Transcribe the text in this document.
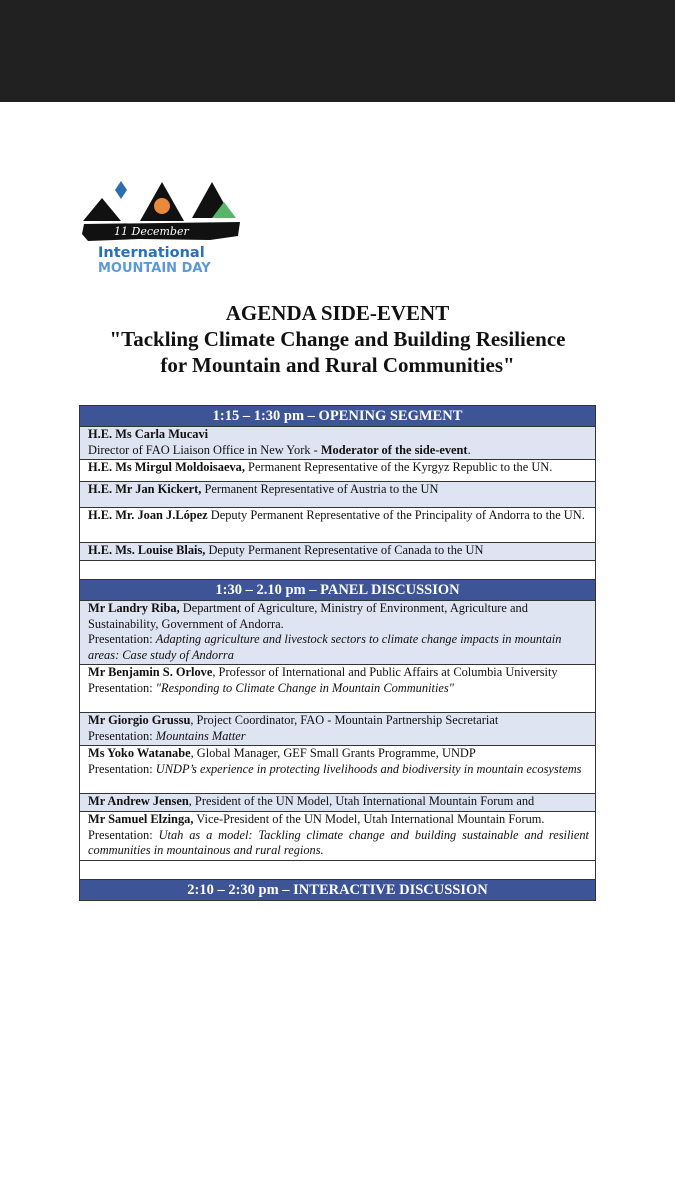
11 December
International
MOUNTAIN DAY
AGENDA SIDE-EVENT
"Tackling Climate Change and Building Resilience
for Mountain and Rural Communities"
1:15 – 1:30 pm – OPENING SEGMENT
H.E. Ms Carla Mucavi
Director of FAO Liaison Office in New York - Moderator of the side-event.
H.E. Ms Mirgul Moldoisaeva, Permanent Representative of the Kyrgyz Republic to the UN.
H.E. Mr Jan Kickert, Permanent Representative of Austria to the UN
H.E. Mr. Joan J.López Deputy Permanent Representative of the Principality of Andorra to the UN.
H.E. Ms. Louise Blais, Deputy Permanent Representative of Canada to the UN

1:30 – 2.10 pm – PANEL DISCUSSION
Mr Landry Riba, Department of Agriculture, Ministry of Environment, Agriculture and Sustainability, Government of Andorra.
Presentation: Adapting agriculture and livestock sectors to climate change impacts in mountain areas: Case study of Andorra
Mr Benjamin S. Orlove, Professor of International and Public Affairs at Columbia University
Presentation: "Responding to Climate Change in Mountain Communities"
Mr Giorgio Grussu, Project Coordinator, FAO - Mountain Partnership Secretariat
Presentation: Mountains Matter
Ms Yoko Watanabe, Global Manager, GEF Small Grants Programme, UNDP
Presentation: UNDP’s experience in protecting livelihoods and biodiversity in mountain ecosystems
Mr Andrew Jensen, President of the UN Model, Utah International Mountain Forum and
Mr Samuel Elzinga, Vice-President of the UN Model, Utah International Mountain Forum.
Presentation: Utah as a model: Tackling climate change and building sustainable and resilient communities in mountainous and rural regions.

2:10 – 2:30 pm – INTERACTIVE DISCUSSION
